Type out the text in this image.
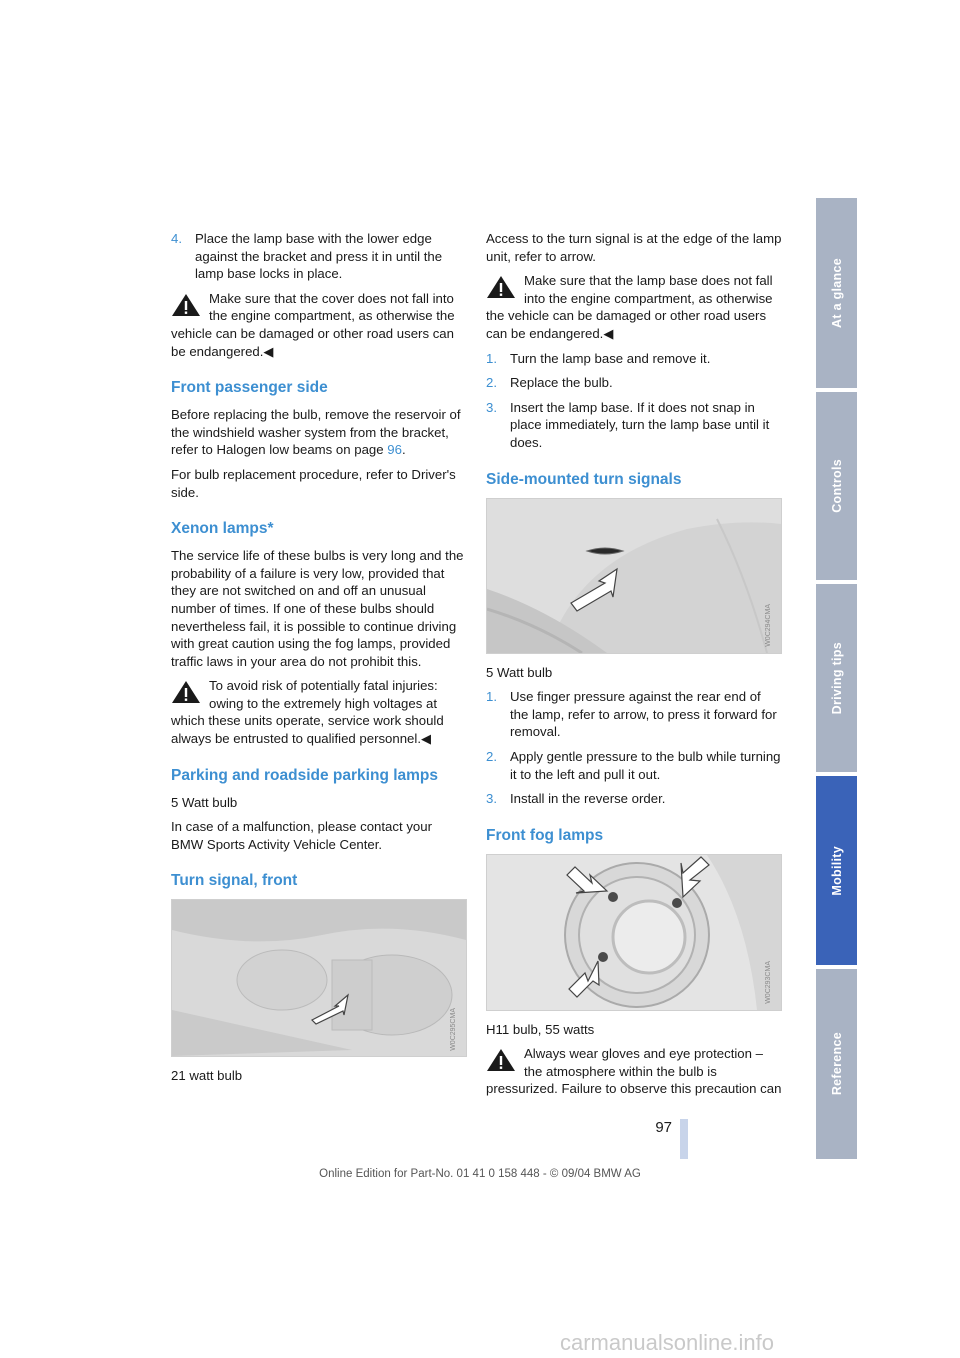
4. Place the lamp base with the lower edge against the bracket and press it in until the lamp base locks in place.
Make sure that the cover does not fall into the engine compartment, as otherwise the vehicle can be damaged or other road users can be endangered.◀
Front passenger side

Before replacing the bulb, remove the reservoir of the windshield washer system from the bracket, refer to Halogen low beams on page 96.

For bulb replacement procedure, refer to Driver's side.

Xenon lamps*

The service life of these bulbs is very long and the probability of a failure is very low, provided that they are not switched on and off an unusual number of times. If one of these bulbs should nevertheless fail, it is possible to continue driving with great caution using the fog lamps, provided traffic laws in your area do not prohibit this.

To avoid risk of potentially fatal injuries: owing to the extremely high voltages at which these units operate, service work should always be entrusted to qualified personnel.◀
Parking and roadside parking lamps

5 Watt bulb

In case of a malfunction, please contact your BMW Sports Activity Vehicle Center.

Turn signal, front
W0C295CMA

21 watt bulb

Access to the turn signal is at the edge of the lamp unit, refer to arrow.

Make sure that the lamp base does not fall into the engine compartment, as otherwise the vehicle can be damaged or other road users can be endangered.◀
1. Turn the lamp base and remove it.
2. Replace the bulb.
3. Insert the lamp base. If it does not snap in place immediately, turn the lamp base until it does.
Side-mounted turn signals
W0C294CMA

5 Watt bulb

1. Use finger pressure against the rear end of the lamp, refer to arrow, to press it forward for removal.
2. Apply gentle pressure to the bulb while turning it to the left and pull it out.
3. Install in the reverse order.
Front fog lamps
W0C293CMA

H11 bulb, 55 watts

Always wear gloves and eye protection – the atmosphere within the bulb is pressurized. Failure to observe this precaution can
At a glance
Controls
Driving tips
Mobility
Reference
97
Online Edition for Part-No. 01 41 0 158 448 - © 09/04 BMW AG
carmanualsonline.info
